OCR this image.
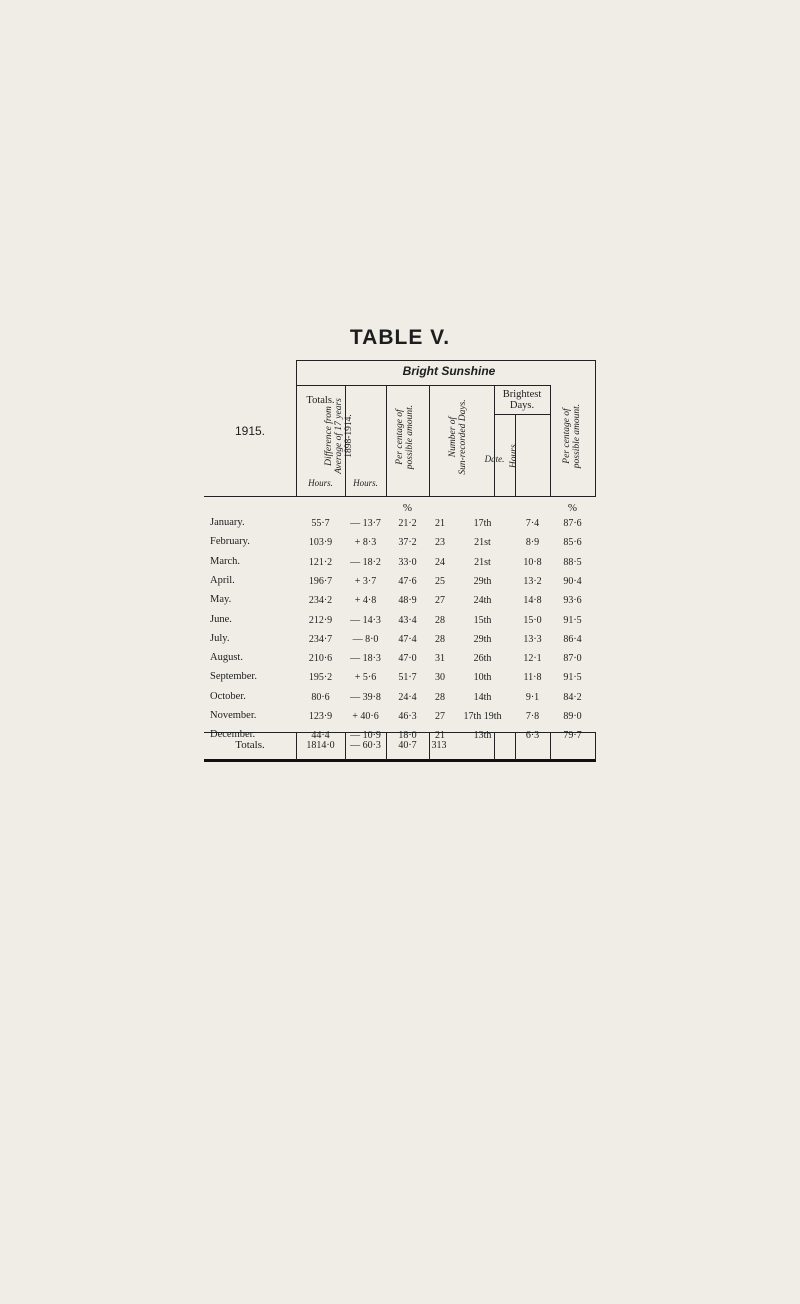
TABLE V.
Bright Sunshine
1915.
Totals.
Hours.
Difference from Average of 17 years 1898-1914.
Hours.
Per centage of possible amount.	Number of Sun-recorded Days.
Brightest
Days.
Date. Hours.	Per centage of possible amount.
%	%
January.	55·7	— 13·7	21·2	21	17th	7·4	87·6
February.	103·9	+ 8·3	37·2	23	21st	8·9	85·6
March.	121·2	— 18·2	33·0	24	21st	10·8	88·5
April.	196·7	+ 3·7	47·6	25	29th	13·2	90·4
May.	234·2	+ 4·8	48·9	27	24th	14·8	93·6
June.	212·9	— 14·3	43·4	28	15th	15·0	91·5
July.	234·7	— 8·0	47·4	28	29th	13·3	86·4
August.	210·6	— 18·3	47·0	31	26th	12·1	87·0
September.	195·2	+ 5·6	51·7	30	10th	11·8	91·5
October.	80·6	— 39·8	24·4	28	14th	9·1	84·2
November.	123·9	+ 40·6	46·3	27	17th 19th	7·8	89·0
December.	44·4	— 10·9	18·0	21	13th	6·3	79·7
Totals.	1814·0	— 60·3	40·7	313
